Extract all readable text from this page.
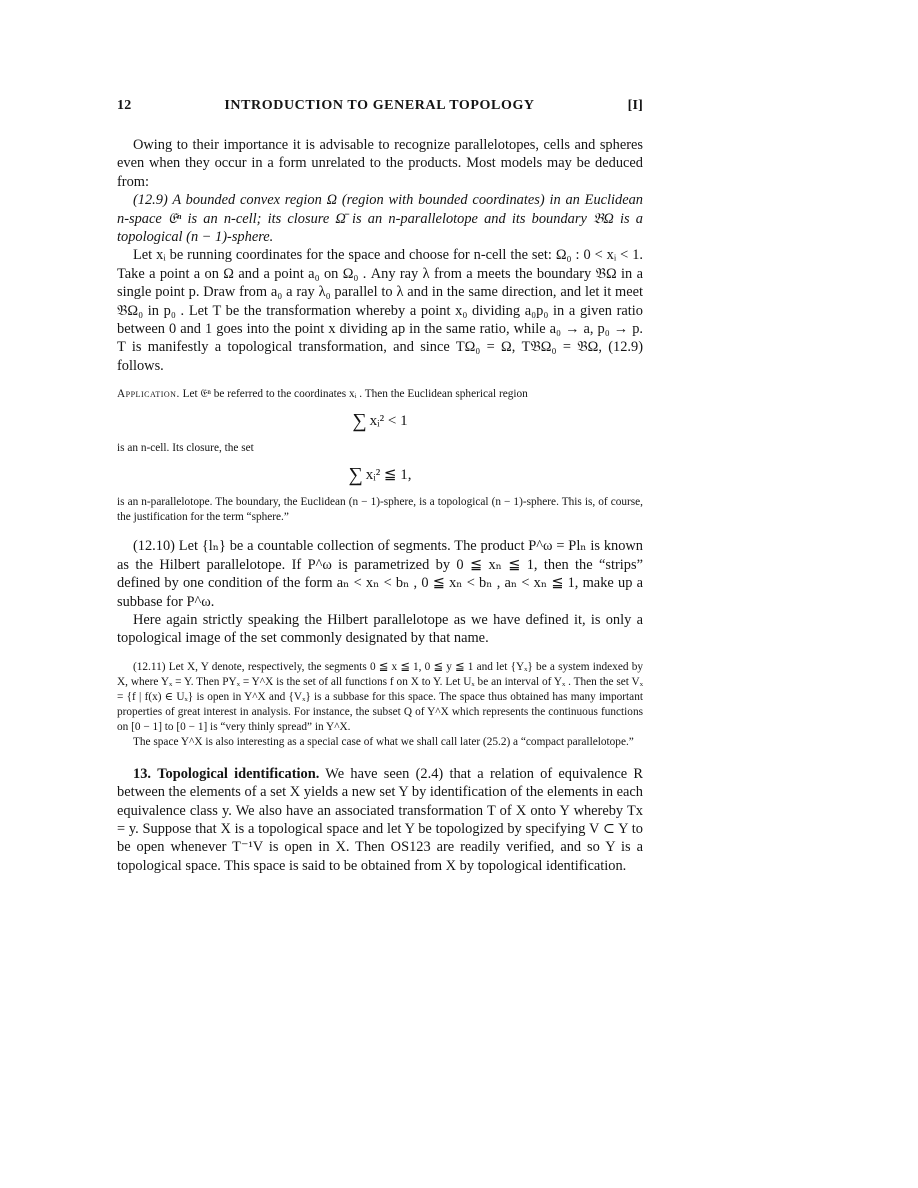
12	INTRODUCTION TO GENERAL TOPOLOGY	[I]

Owing to their importance it is advisable to recognize parallelotopes, cells and spheres even when they occur in a form unrelated to the products. Most models may be deduced from:

(12.9) A bounded convex region Ω (region with bounded coordinates) in an Euclidean n-space 𝔈ⁿ is an n-cell; its closure Ω̄ is an n-parallelotope and its boundary 𝔅Ω is a topological (n − 1)-sphere.

Let xᵢ be running coordinates for the space and choose for n-cell the set: Ω₀ : 0 < xᵢ < 1. Take a point a on Ω and a point a₀ on Ω₀ . Any ray λ from a meets the boundary 𝔅Ω in a single point p. Draw from a₀ a ray λ₀ parallel to λ and in the same direction, and let it meet 𝔅Ω₀ in p₀ . Let T be the transformation whereby a point x₀ dividing a₀p₀ in a given ratio between 0 and 1 goes into the point x dividing ap in the same ratio, while a₀ → a, p₀ → p. T is manifestly a topological transformation, and since TΩ₀ = Ω, T𝔅Ω₀ = 𝔅Ω, (12.9) follows.

Application. Let 𝔈ⁿ be referred to the coordinates xᵢ . Then the Euclidean spherical region

∑ xᵢ² < 1

is an n-cell. Its closure, the set

∑ xᵢ² ≦ 1,

is an n-parallelotope. The boundary, the Euclidean (n − 1)-sphere, is a topological (n − 1)-sphere. This is, of course, the justification for the term “sphere.”

(12.10) Let {lₙ} be a countable collection of segments. The product P^ω = Plₙ is known as the Hilbert parallelotope. If P^ω is parametrized by 0 ≦ xₙ ≦ 1, then the “strips” defined by one condition of the form aₙ < xₙ < bₙ , 0 ≦ xₙ < bₙ , aₙ < xₙ ≦ 1, make up a subbase for P^ω.

Here again strictly speaking the Hilbert parallelotope as we have defined it, is only a topological image of the set commonly designated by that name.

(12.11) Let X, Y denote, respectively, the segments 0 ≦ x ≦ 1, 0 ≦ y ≦ 1 and let {Yₓ} be a system indexed by X, where Yₓ = Y. Then PYₓ = Y^X is the set of all functions f on X to Y. Let Uₓ be an interval of Yₓ . Then the set Vₓ = {f | f(x) ∈ Uₓ} is open in Y^X and {Vₓ} is a subbase for this space. The space thus obtained has many important properties of great interest in analysis. For instance, the subset Q of Y^X which represents the continuous functions on [0 − 1] to [0 − 1] is “very thinly spread” in Y^X.

The space Y^X is also interesting as a special case of what we shall call later (25.2) a “compact parallelotope.”

13. Topological identification. We have seen (2.4) that a relation of equivalence R between the elements of a set X yields a new set Y by identification of the elements in each equivalence class y. We also have an associated transformation T of X onto Y whereby Tx = y. Suppose that X is a topological space and let Y be topologized by specifying V ⊂ Y to be open whenever T⁻¹V is open in X. Then OS123 are readily verified, and so Y is a topological space. This space is said to be obtained from X by topological identification.
